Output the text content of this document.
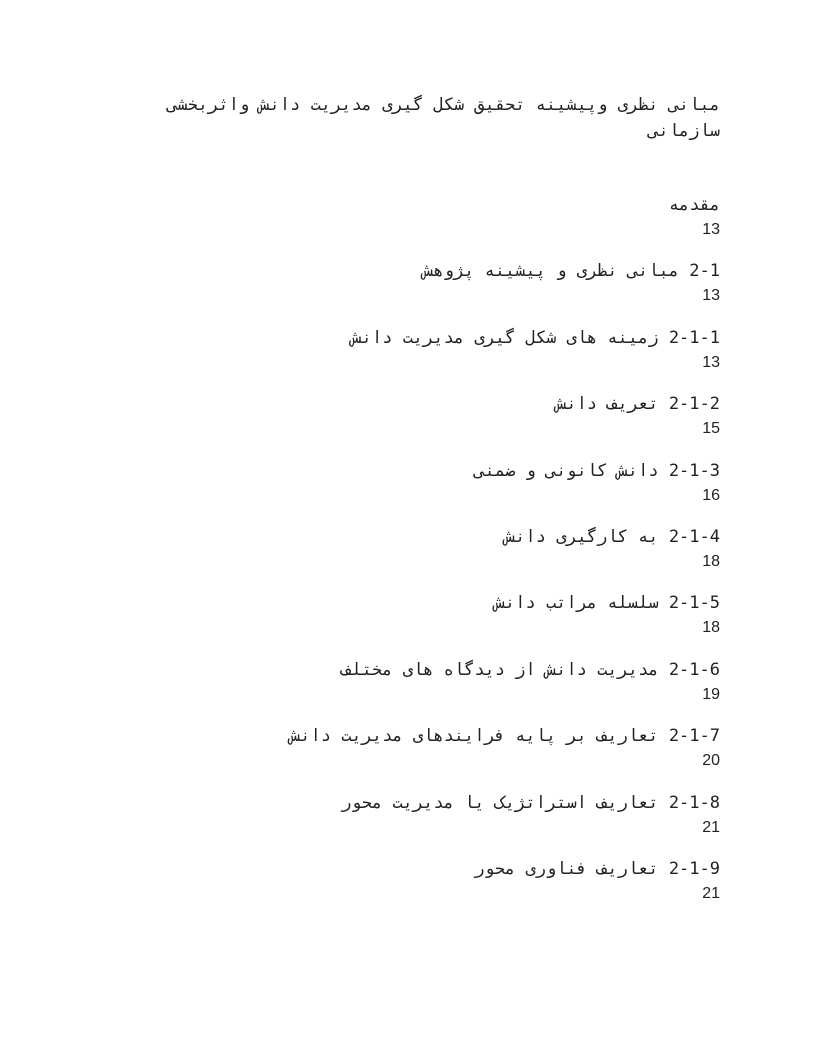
مبانی نظری وپیشینه تحقیق شکل گیری مدیریت دانش واثربخشی سازمانی
مقدمه
13
2-1 مبانی نظری و پیشینه پژوهش
13
2-1-1 زمینه های شکل گیری مدیریت دانش
13
2-1-2 تعریف دانش
15
2-1-3 دانش کانونی و ضمنی
16
2-1-4 به کارگیری دانش
18
2-1-5 سلسله مراتب دانش
18
2-1-6 مدیریت دانش از دیدگاه های مختلف
19
2-1-7 تعاریف بر پایه فرایندهای مدیریت دانش
20
2-1-8 تعاریف استراتژیک یا مدیریت محور
21
2-1-9 تعاریف فناوری محور
21
